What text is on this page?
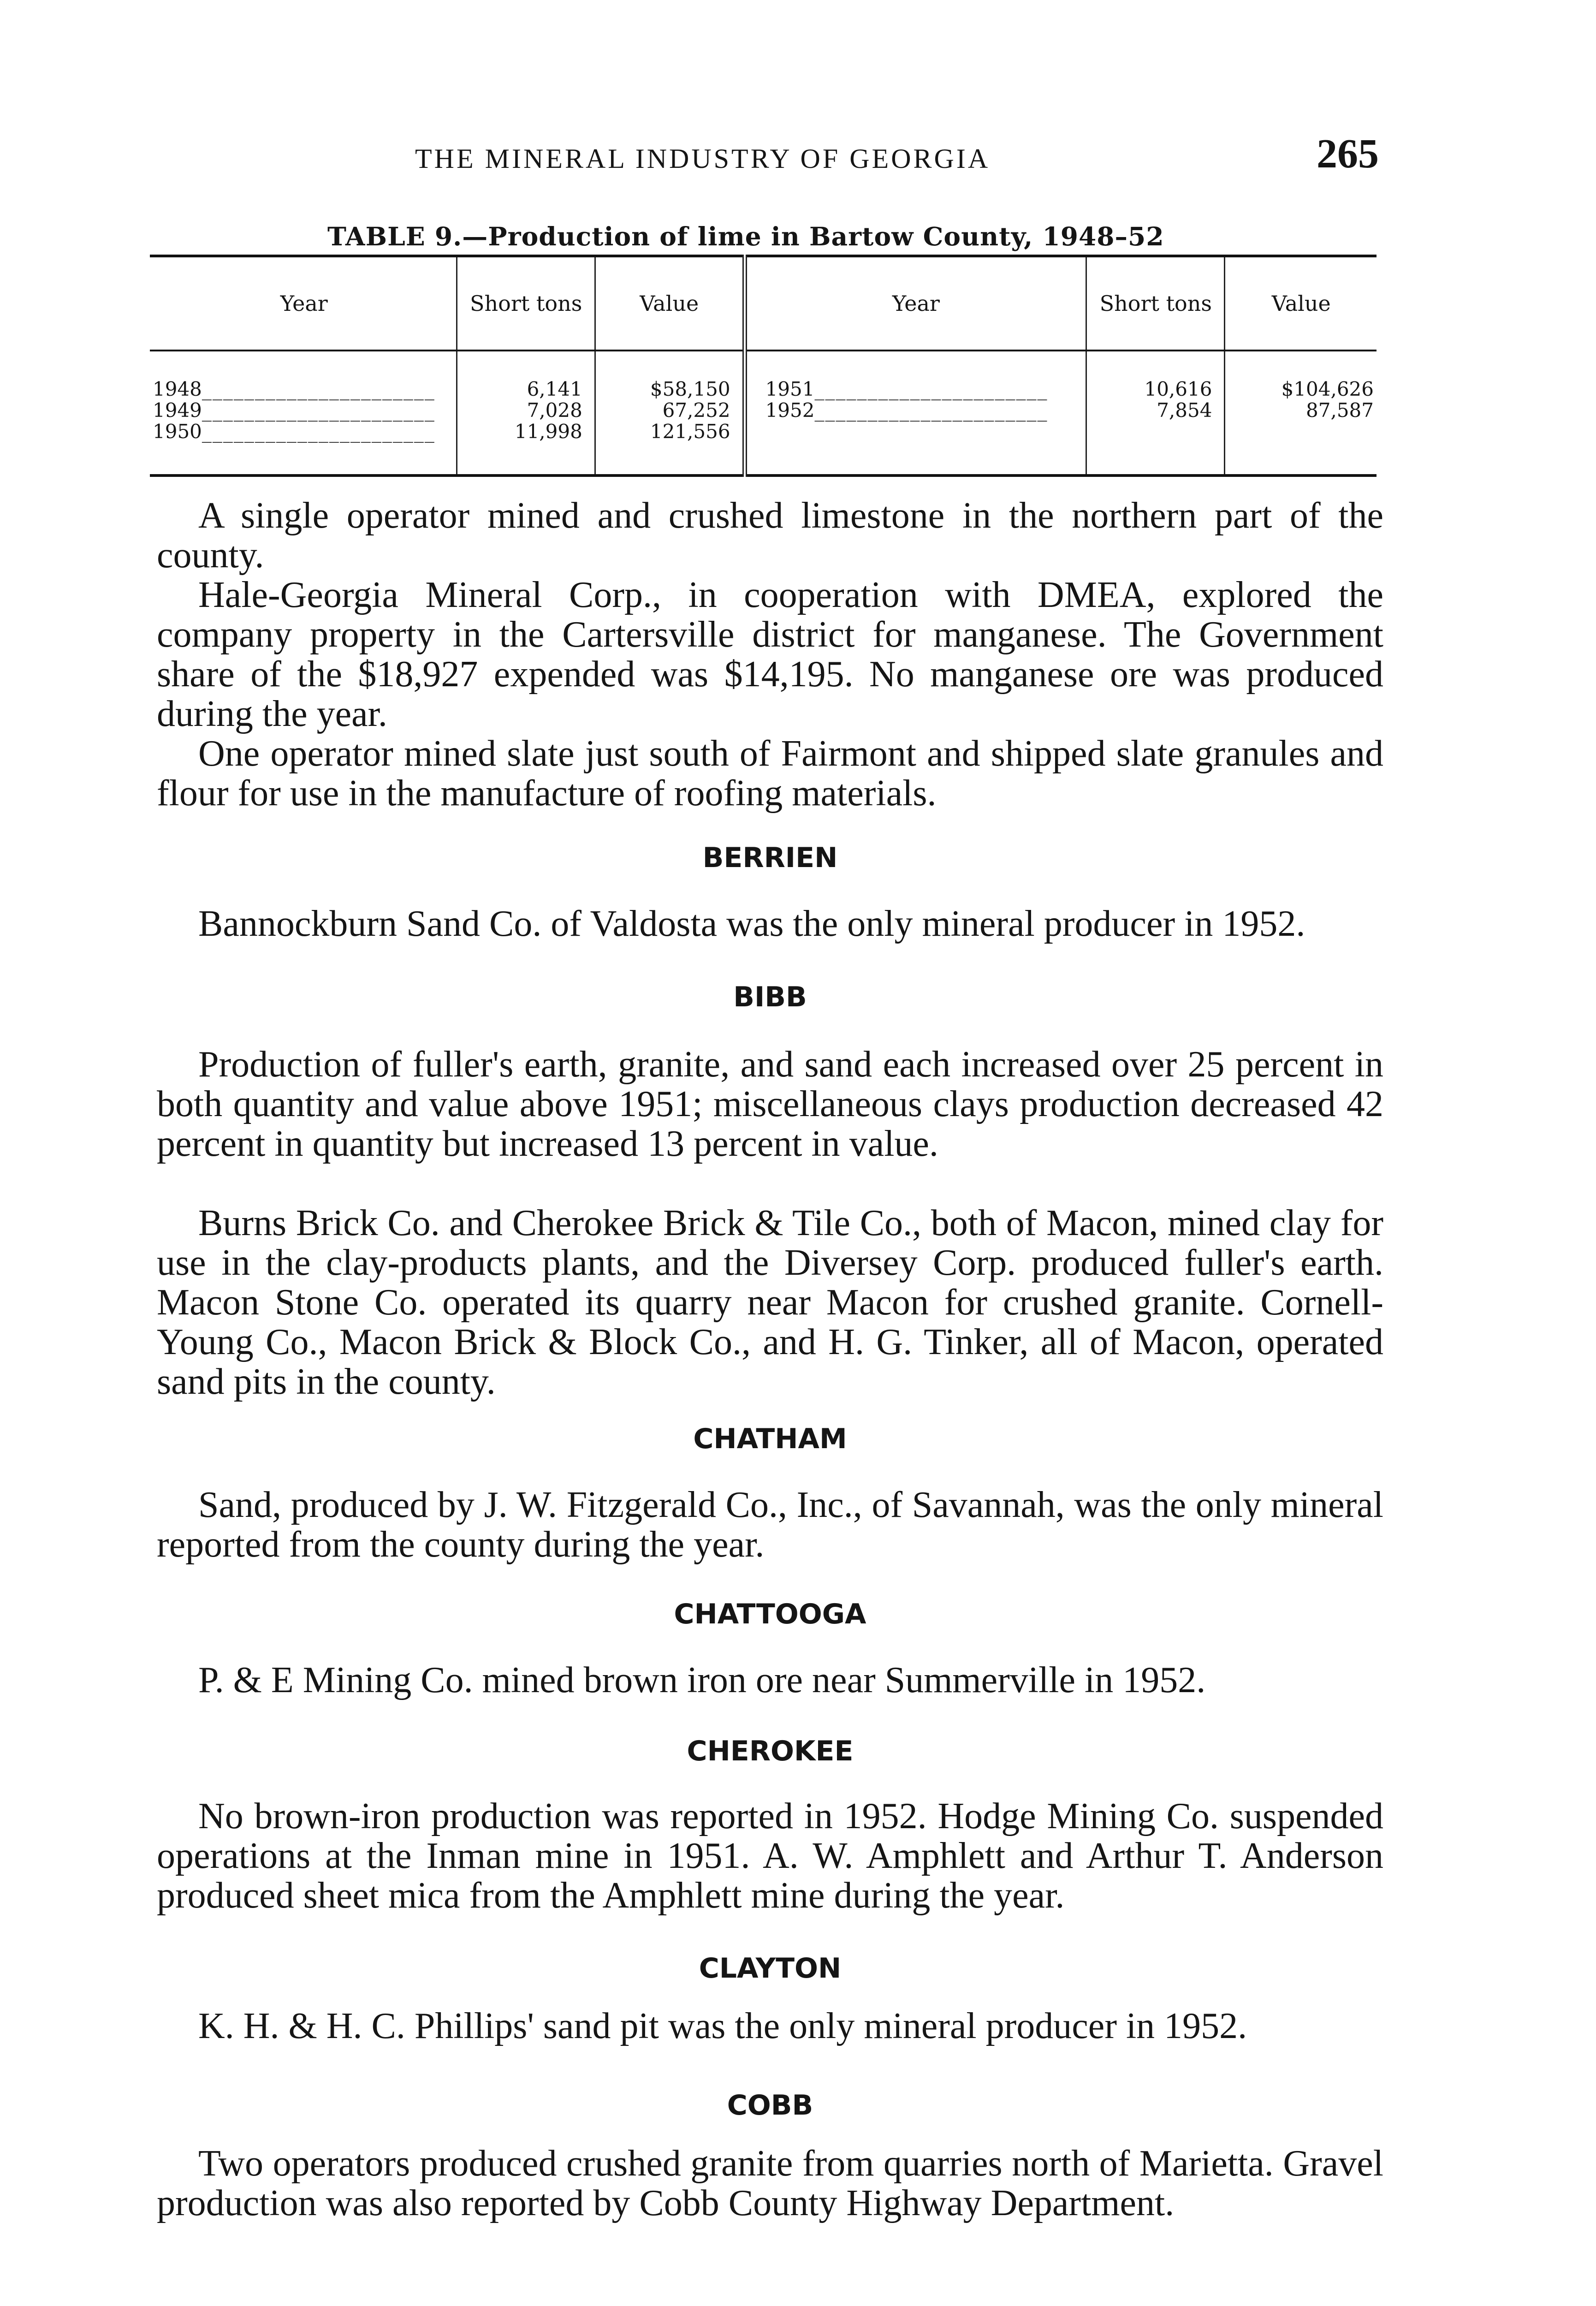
THE MINERAL INDUSTRY OF GEORGIA	265
TABLE 9.—Production of lime in Bartow County, 1948–52
Year	Short tons	Value	Year	Short tons	Value
1948______________________	6,141	$58,150	1951______________________	10,616	$104,626
1949______________________	7,028	67,252	1952______________________	7,854	87,587
1950______________________	11,998	121,556			

A single operator mined and crushed limestone in the northern part of the county.

Hale-Georgia Mineral Corp., in cooperation with DMEA, explored the company property in the Cartersville district for manganese. The Government share of the $18,927 expended was $14,195. No manganese ore was produced during the year.

One operator mined slate just south of Fairmont and shipped slate granules and flour for use in the manufacture of roofing materials.

BERRIEN

Bannockburn Sand Co. of Valdosta was the only mineral producer in 1952.

BIBB

Production of fuller's earth, granite, and sand each increased over 25 percent in both quantity and value above 1951; miscellaneous clays production decreased 42 percent in quantity but increased 13 percent in value.

Burns Brick Co. and Cherokee Brick & Tile Co., both of Macon, mined clay for use in the clay-products plants, and the Diversey Corp. produced fuller's earth. Macon Stone Co. operated its quarry near Macon for crushed granite. Cornell-Young Co., Macon Brick & Block Co., and H. G. Tinker, all of Macon, operated sand pits in the county.

CHATHAM

Sand, produced by J. W. Fitzgerald Co., Inc., of Savannah, was the only mineral reported from the county during the year.

CHATTOOGA

P. & E Mining Co. mined brown iron ore near Summerville in 1952.

CHEROKEE

No brown-iron production was reported in 1952. Hodge Mining Co. suspended operations at the Inman mine in 1951. A. W. Amphlett and Arthur T. Anderson produced sheet mica from the Amphlett mine during the year.

CLAYTON

K. H. & H. C. Phillips' sand pit was the only mineral producer in 1952.

COBB

Two operators produced crushed granite from quarries north of Marietta. Gravel production was also reported by Cobb County Highway Department.
